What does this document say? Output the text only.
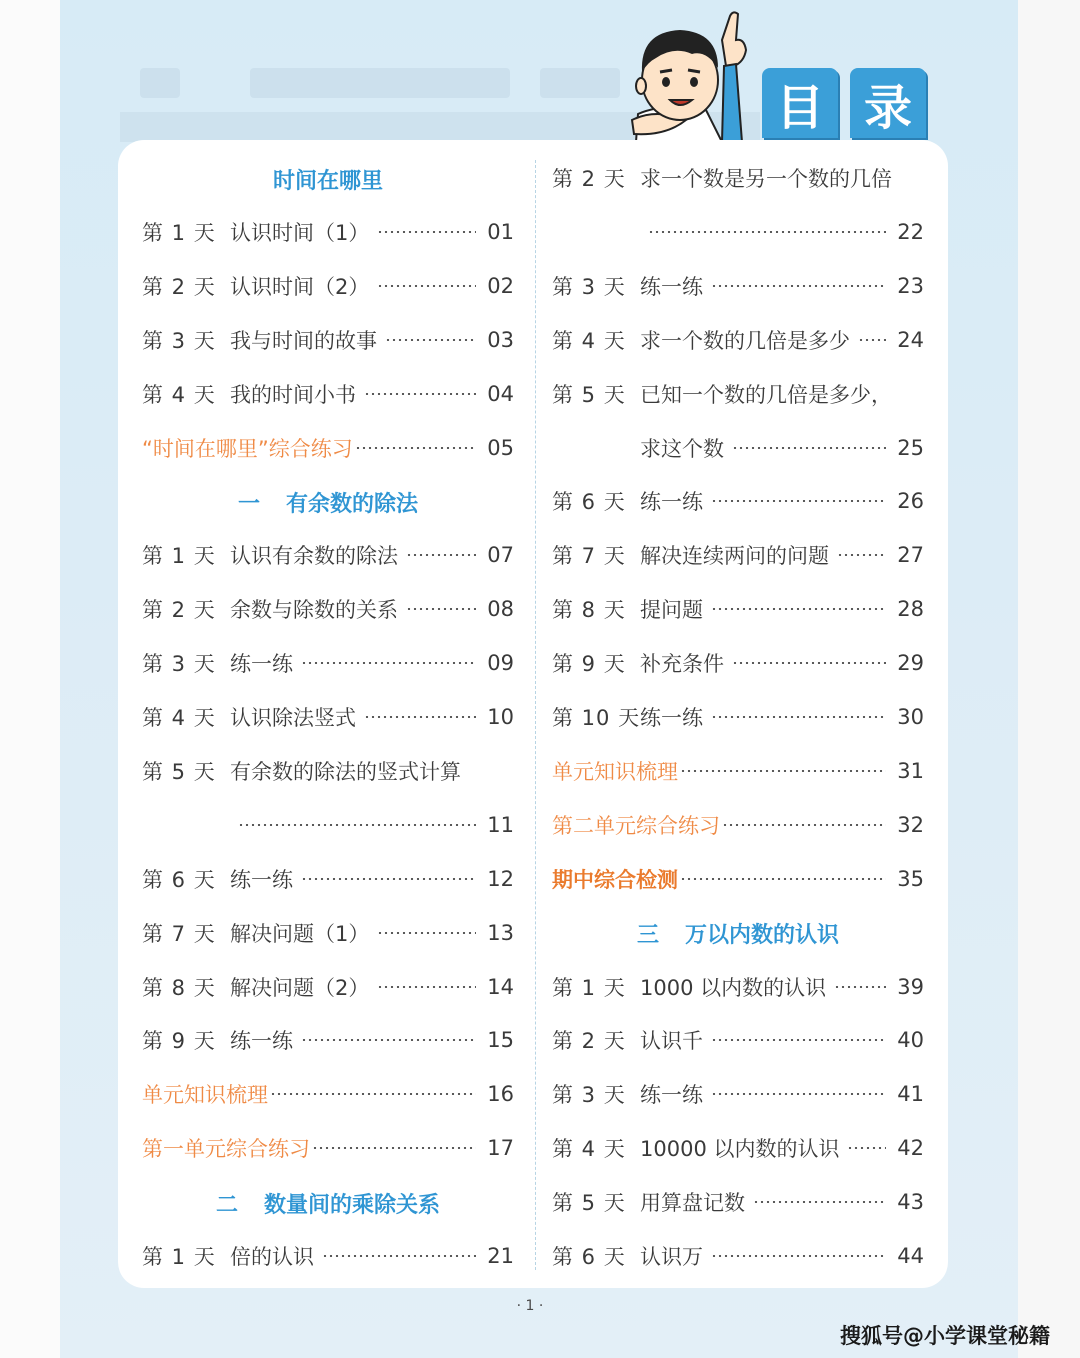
目 录
时间在哪里
第 1 天 认识时间（1）	01
第 2 天 认识时间（2）	02
第 3 天 我与时间的故事	03
第 4 天 我的时间小书	04
“时间在哪里”综合练习	05
一 有余数的除法
第 1 天 认识有余数的除法	07
第 2 天 余数与除数的关系	08
第 3 天 练一练	09
第 4 天 认识除法竖式	10
第 5 天 有余数的除法的竖式计算
11
第 6 天 练一练	12
第 7 天 解决问题（1）	13
第 8 天 解决问题（2）	14
第 9 天 练一练	15
单元知识梳理	16
第一单元综合练习	17
二 数量间的乘除关系
第 1 天 倍的认识	21
第 2 天 求一个数是另一个数的几倍
22
第 3 天 练一练	23
第 4 天 求一个数的几倍是多少 24
第 5 天 已知一个数的几倍是多少，
求这个数	25
第 6 天 练一练	26
第 7 天 解决连续两问的问题	27
第 8 天 提问题	28
第 9 天 补充条件	29
第 10 天 练一练	30
单元知识梳理	31
第二单元综合练习	32
期中综合检测	35
三 万以内数的认识
第 1 天 1000 以内数的认识	39
第 2 天 认识千	40
第 3 天 练一练	41
第 4 天 10000 以内数的认识	42
第 5 天 用算盘记数	43
第 6 天 认识万	44
· 1 ·
搜狐号@小学课堂秘籍
